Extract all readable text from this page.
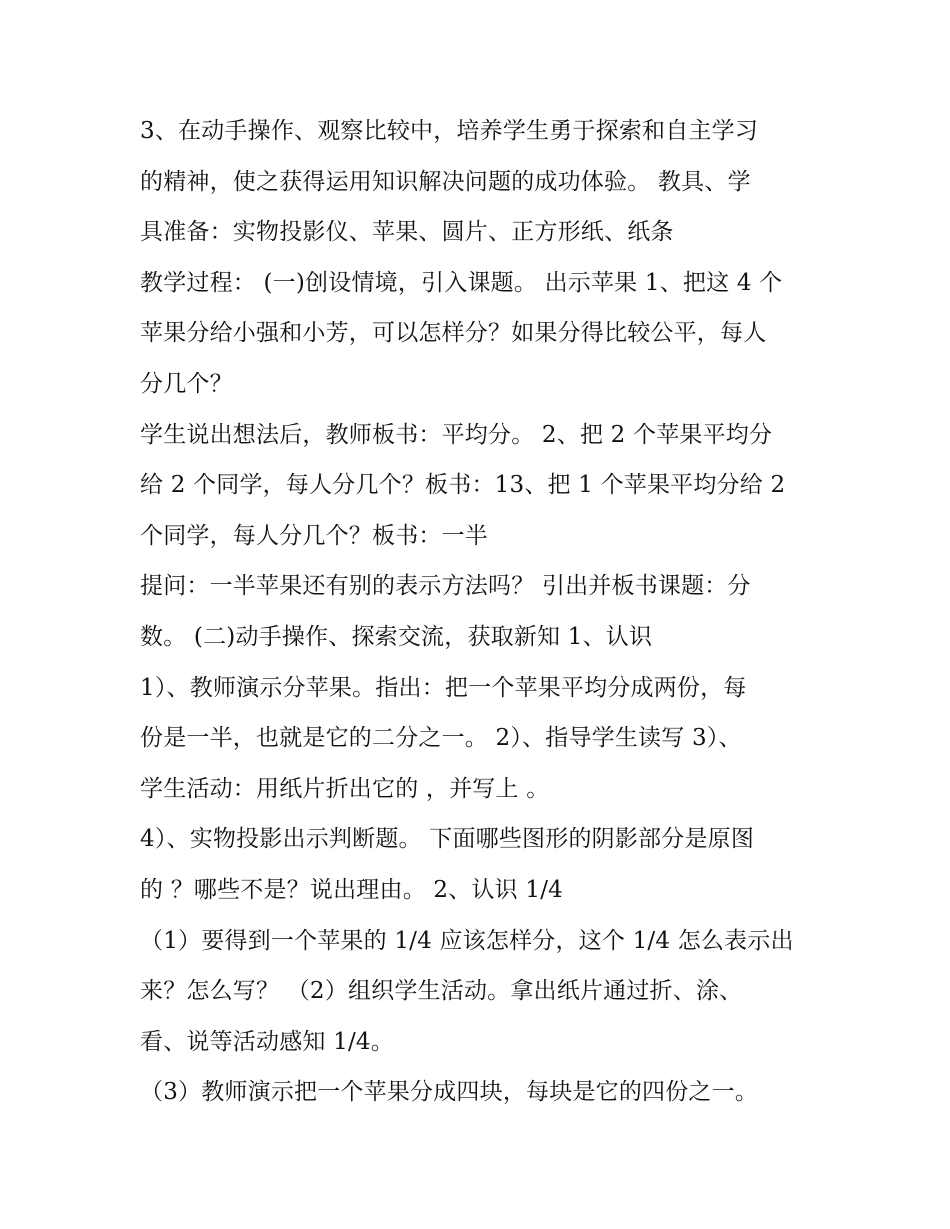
3、在动手操作、观察比较中，培养学生勇于探索和自主学习
的精神，使之获得运用知识解决问题的成功体验。 教具、学
具准备：实物投影仪、苹果、圆片、正方形纸、纸条
教学过程： (一)创设情境，引入课题。 出示苹果 1、把这 4 个
苹果分给小强和小芳，可以怎样分？如果分得比较公平，每人
分几个？
学生说出想法后，教师板书：平均分。 2、把 2 个苹果平均分
给 2 个同学，每人分几个？板书：13、把 1 个苹果平均分给 2
个同学，每人分几个？板书：一半
提问：一半苹果还有别的表示方法吗？ 引出并板书课题：分
数。 (二)动手操作、探索交流，获取新知 1、认识
1）、教师演示分苹果。指出：把一个苹果平均分成两份，每
份是一半，也就是它的二分之一。 2）、指导学生读写 3）、
学生活动：用纸片折出它的 ，并写上 。
4）、实物投影出示判断题。 下面哪些图形的阴影部分是原图
的 ？哪些不是？说出理由。 2、认识 1/4
（1）要得到一个苹果的 1/4 应该怎样分，这个 1/4 怎么表示出
来？怎么写？ （2）组织学生活动。拿出纸片通过折、涂、
看、说等活动感知 1/4。
（3）教师演示把一个苹果分成四块，每块是它的四份之一。
